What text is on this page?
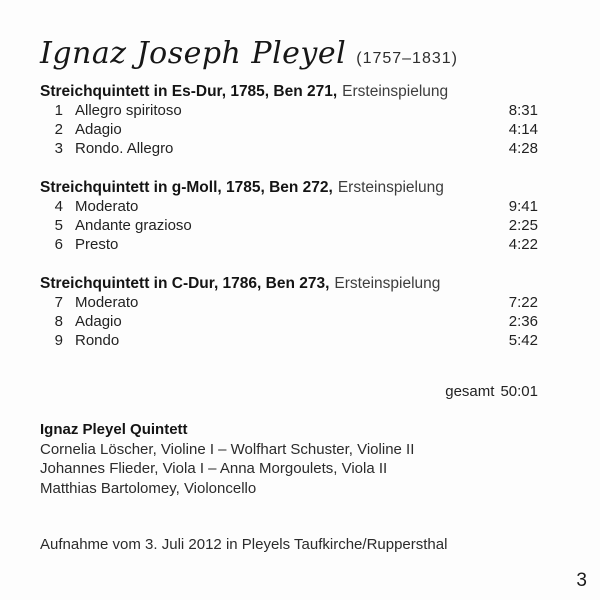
Ignaz Joseph Pleyel (1757–1831)
Streichquintett in Es-Dur, 1785, Ben 271, Ersteinspielung
1 Allegro spiritoso	8:31
2 Adagio	4:14
3 Rondo. Allegro	4:28
Streichquintett in g-Moll, 1785, Ben 272, Ersteinspielung
4 Moderato	9:41
5 Andante grazioso	2:25
6 Presto	4:22
Streichquintett in C-Dur, 1786, Ben 273, Ersteinspielung
7 Moderato	7:22
8 Adagio	2:36
9 Rondo	5:42
gesamt 50:01
Ignaz Pleyel Quintett
Cornelia Löscher, Violine I – Wolfhart Schuster, Violine II
Johannes Flieder, Viola I – Anna Morgoulets, Viola II
Matthias Bartolomey, Violoncello
Aufnahme vom 3. Juli 2012 in Pleyels Taufkirche/Ruppersthal
3
